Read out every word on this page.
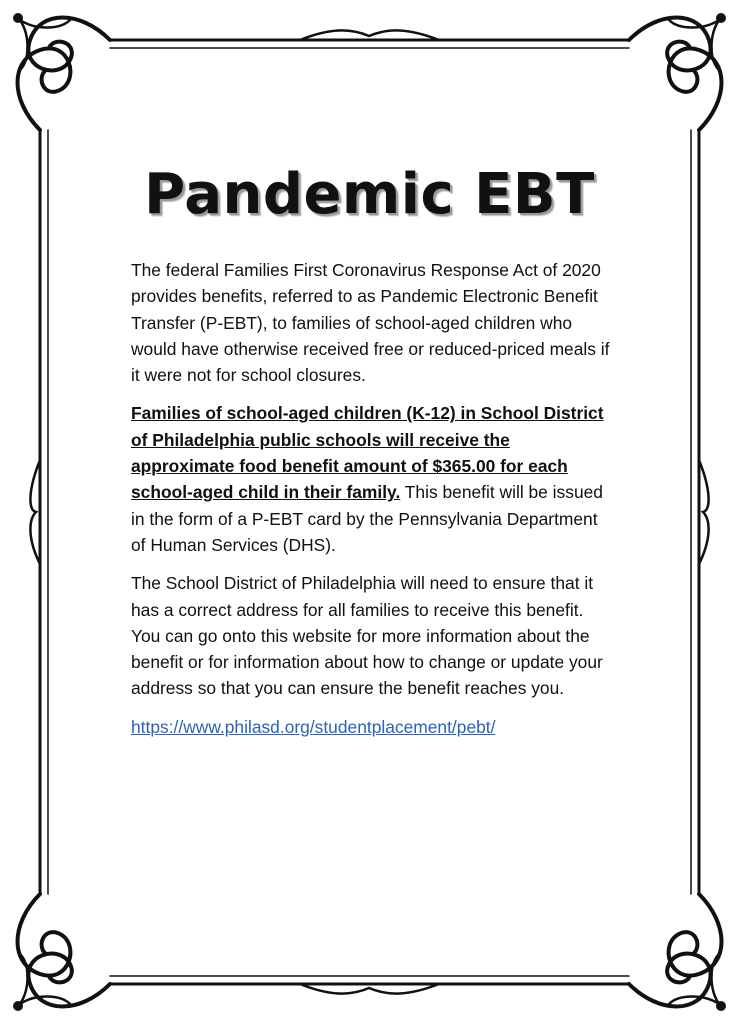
Pandemic EBT

The federal Families First Coronavirus Response Act of 2020 provides benefits, referred to as Pandemic Electronic Benefit Transfer (P-EBT), to families of school-aged children who would have otherwise received free or reduced-priced meals if it were not for school closures.

Families of school-aged children (K-12) in School District of Philadelphia public schools will receive the approximate food benefit amount of $365.00 for each school-aged child in their family. This benefit will be issued in the form of a P-EBT card by the Pennsylvania Department of Human Services (DHS).

The School District of Philadelphia will need to ensure that it has a correct address for all families to receive this benefit. You can go onto this website for more information about the benefit or for information about how to change or update your address so that you can ensure the benefit reaches you.

https://www.philasd.org/studentplacement/pebt/
